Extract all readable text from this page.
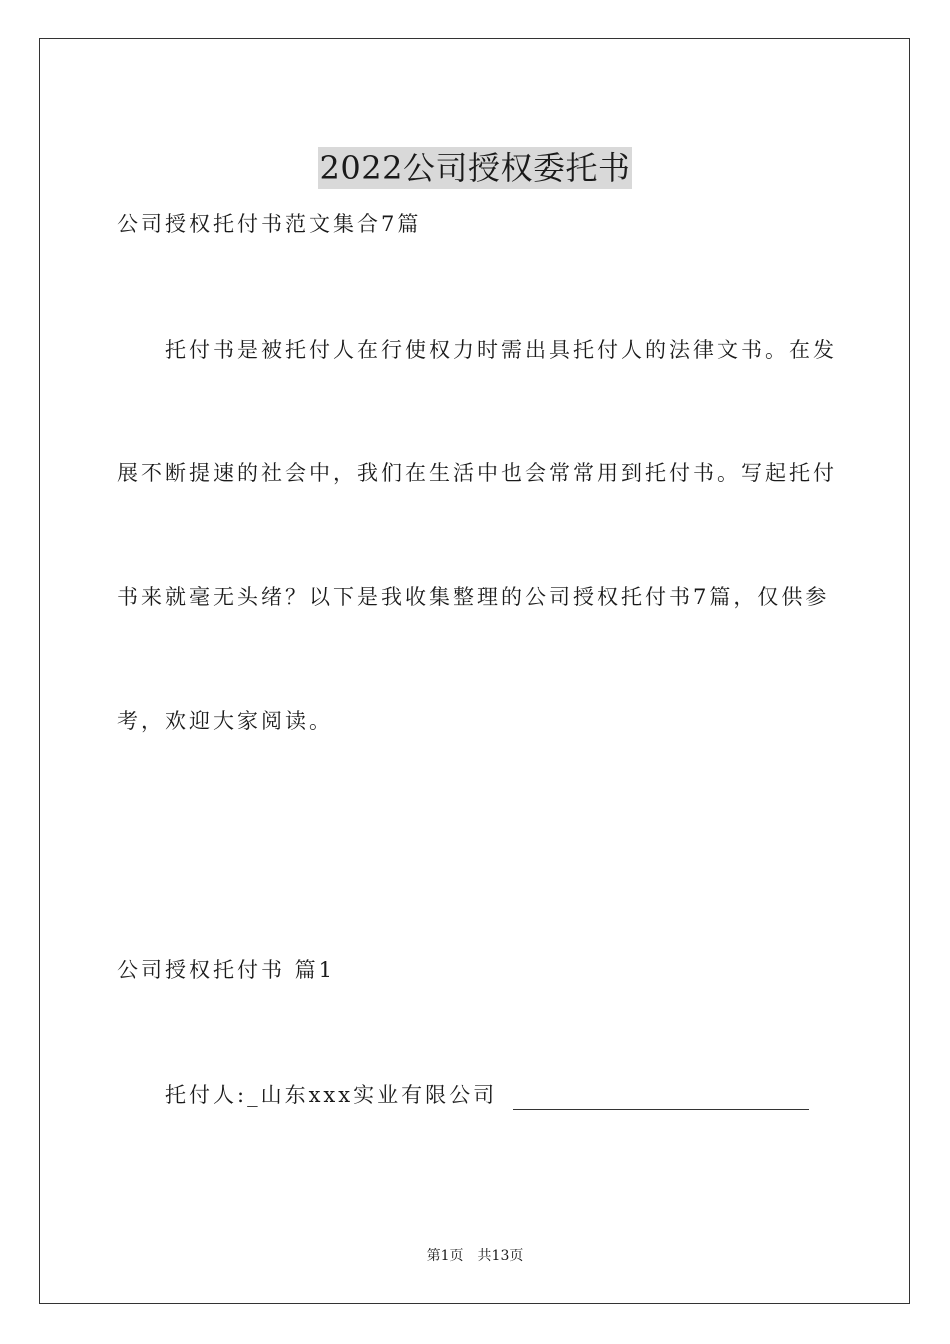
2022公司授权委托书
公司授权托付书范文集合7篇
托付书是被托付人在行使权力时需出具托付人的法律文书。在发
展不断提速的社会中，我们在生活中也会常常用到托付书。写起托付
书来就毫无头绪？以下是我收集整理的公司授权托付书7篇，仅供参
考，欢迎大家阅读。
公司授权托付书 篇1
托付人:_山东xxx实业有限公司
第1页 共13页
